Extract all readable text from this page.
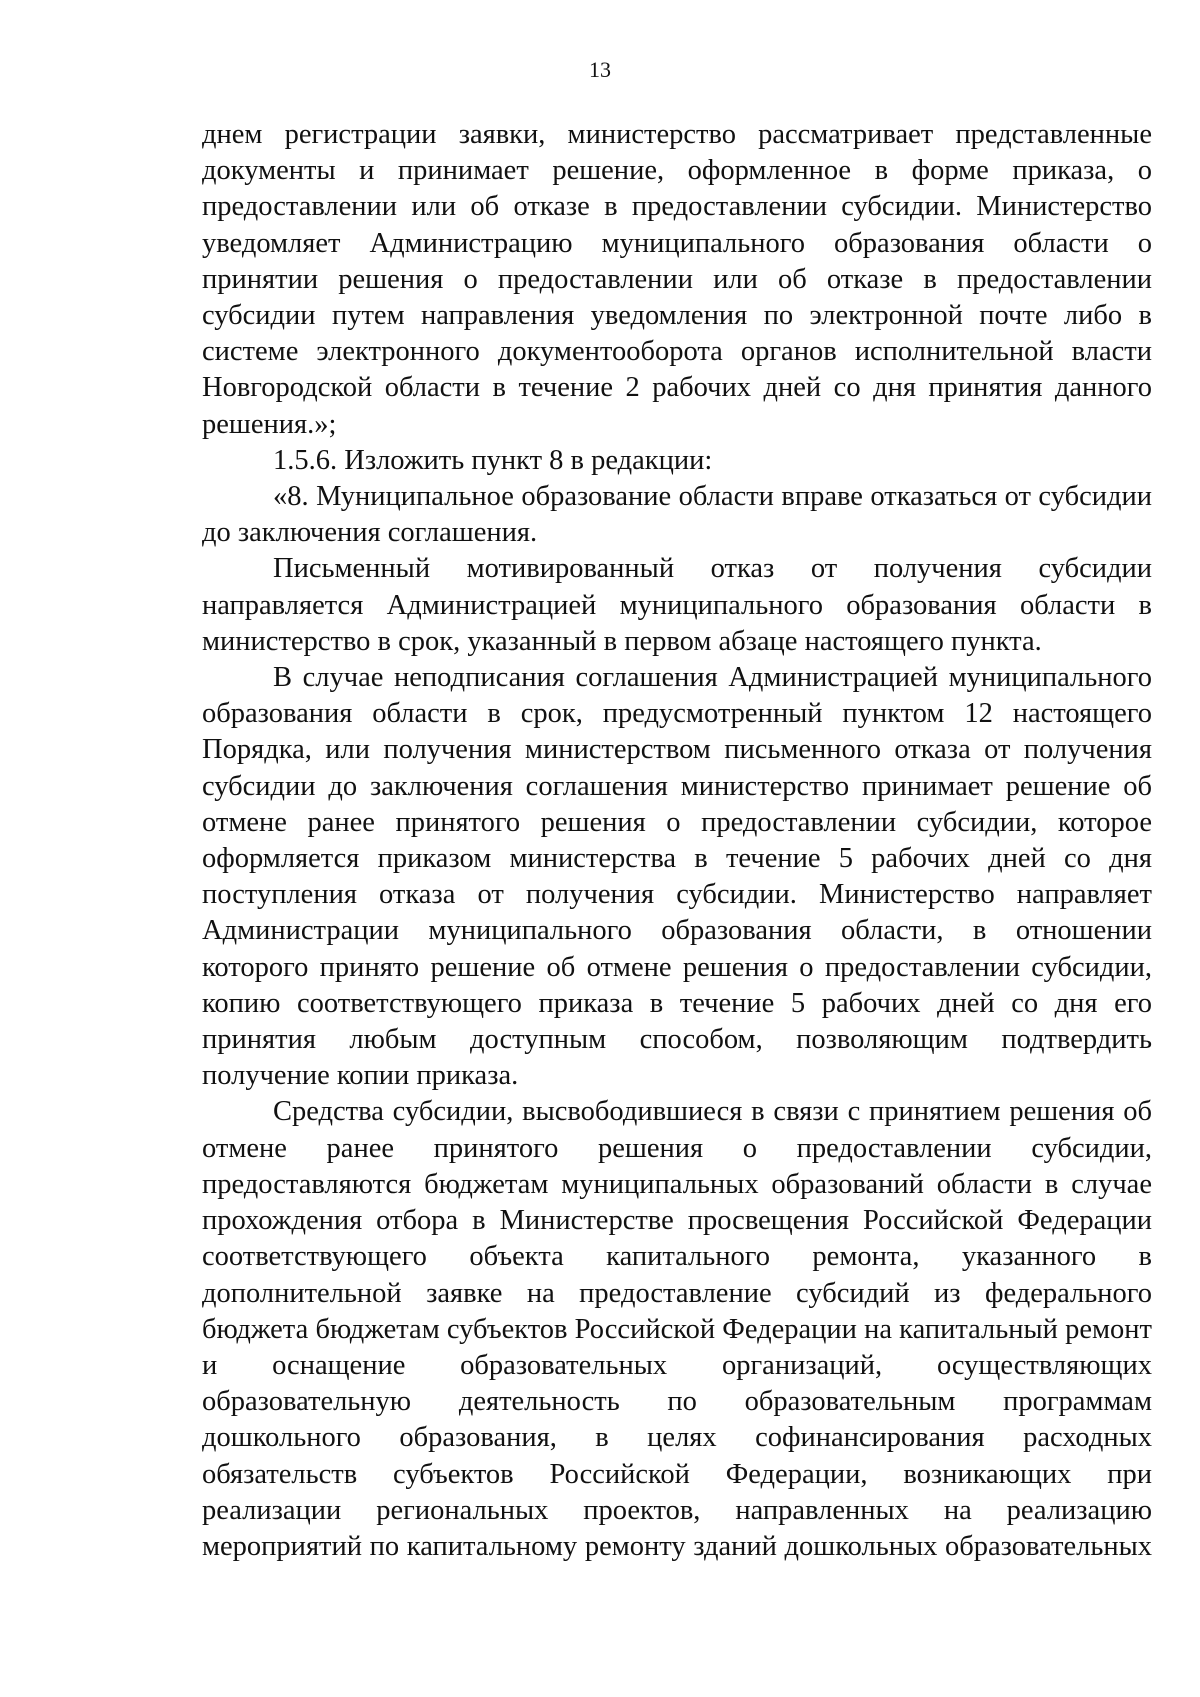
13

днем регистрации заявки, министерство рассматривает представленные документы и принимает решение, оформленное в форме приказа, о предоставлении или об отказе в предоставлении субсидии. Министерство уведомляет Администрацию муниципального образования области о принятии решения о предоставлении или об отказе в предоставлении субсидии путем направления уведомления по электронной почте либо в системе электронного документооборота органов исполнительной власти Новгородской области в течение 2 рабочих дней со дня принятия данного решения.»;

1.5.6. Изложить пункт 8 в редакции:

«8. Муниципальное образование области вправе отказаться от субсидии до заключения соглашения.

Письменный мотивированный отказ от получения субсидии направляется Администрацией муниципального образования области в министерство в срок, указанный в первом абзаце настоящего пункта.

В случае неподписания соглашения Администрацией муниципального образования области в срок, предусмотренный пунктом 12 настоящего Порядка, или получения министерством письменного отказа от получения субсидии до заключения соглашения министерство принимает решение об отмене ранее принятого решения о предоставлении субсидии, которое оформляется приказом министерства в течение 5 рабочих дней со дня поступления отказа от получения субсидии. Министерство направляет Администрации муниципального образования области, в отношении которого принято решение об отмене решения о предоставлении субсидии, копию соответствующего приказа в течение 5 рабочих дней со дня его принятия любым доступным способом, позволяющим подтвердить получение копии приказа.

Средства субсидии, высвободившиеся в связи с принятием решения об отмене ранее принятого решения о предоставлении субсидии, предоставляются бюджетам муниципальных образований области в случае прохождения отбора в Министерстве просвещения Российской Федерации соответствующего объекта капитального ремонта, указанного в дополнительной заявке на предоставление субсидий из федерального бюджета бюджетам субъектов Российской Федерации на капитальный ремонт и оснащение образовательных организаций, осуществляющих образовательную деятельность по образовательным программам дошкольного образования, в целях софинансирования расходных обязательств субъектов Российской Федерации, возникающих при реализации региональных проектов, направленных на реализацию мероприятий по капитальному ремонту зданий дошкольных образовательных
